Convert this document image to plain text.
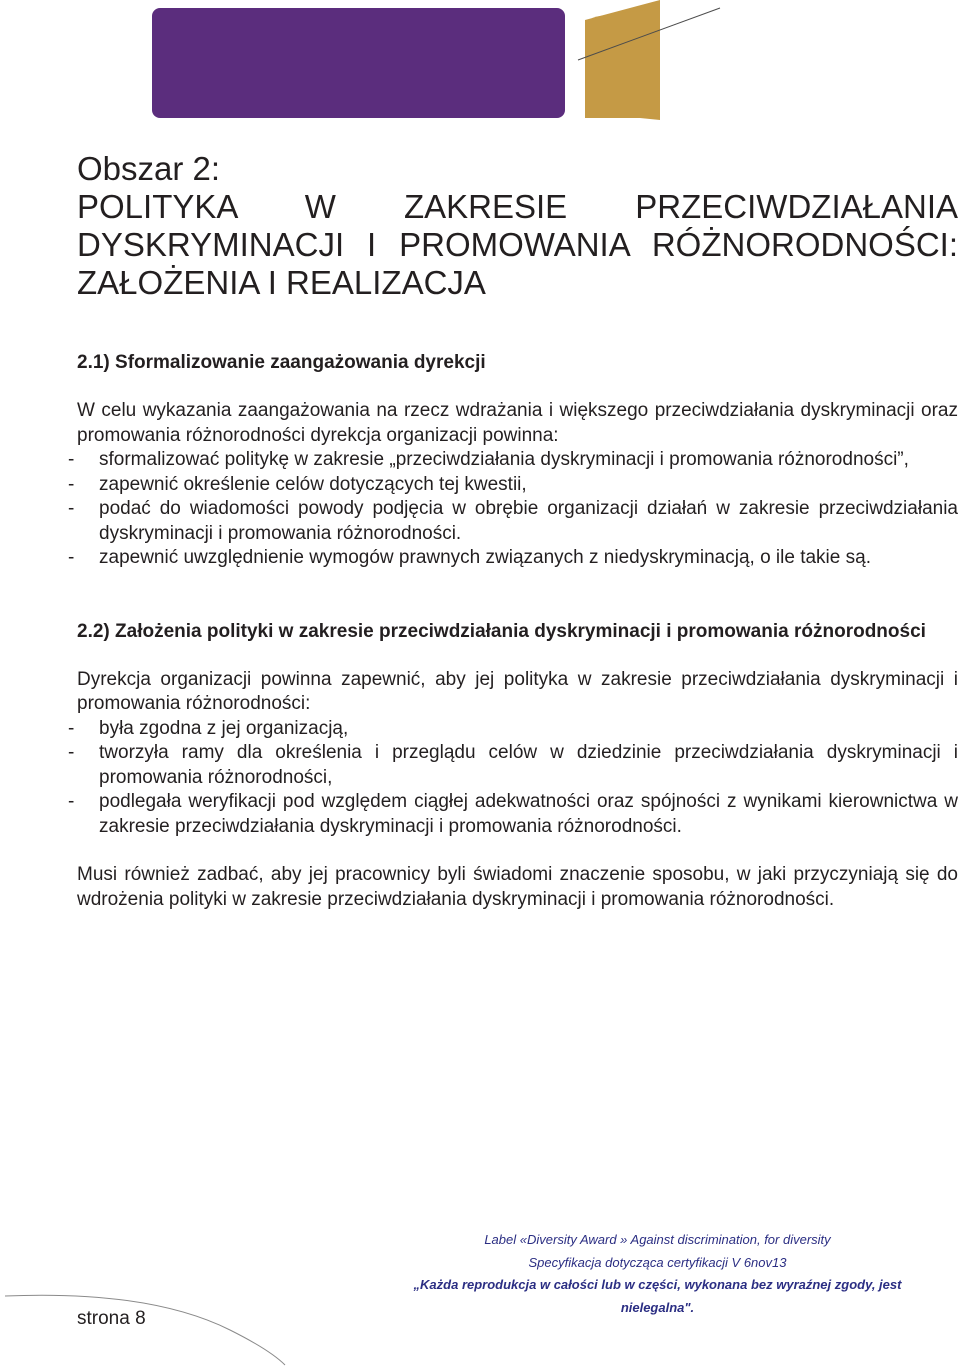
Obszar 2:
POLITYKA W ZAKRESIE PRZECIWDZIAŁANIA
DYSKRYMINACJI I PROMOWANIA RÓŻNORODNOŚCI:
ZAŁOŻENIA I REALIZACJA
2.1) Sformalizowanie zaangażowania dyrekcji

W celu wykazania zaangażowania na rzecz wdrażania i większego przeciwdziałania dyskryminacji oraz promowania różnorodności dyrekcja organizacji powinna:

- sformalizować politykę w zakresie „przeciwdziałania dyskryminacji i promowania różnorodności”,
- zapewnić określenie celów dotyczących tej kwestii,
- podać do wiadomości powody podjęcia w obrębie organizacji działań w zakresie przeciwdziałania dyskryminacji i promowania różnorodności.
- zapewnić uwzględnienie wymogów prawnych związanych z niedyskryminacją, o ile takie są.
2.2) Założenia polityki w zakresie przeciwdziałania dyskryminacji i promowania różnorodności

Dyrekcja organizacji powinna zapewnić, aby jej polityka w zakresie przeciwdziałania dyskryminacji i promowania różnorodności:

- była zgodna z jej organizacją,
- tworzyła ramy dla określenia i przeglądu celów w dziedzinie przeciwdziałania dyskryminacji i promowania różnorodności,
- podlegała weryfikacji pod względem ciągłej adekwatności oraz spójności z wynikami kierownictwa w zakresie przeciwdziałania dyskryminacji i promowania różnorodności.

Musi również zadbać, aby jej pracownicy byli świadomi znaczenie sposobu, w jaki przyczyniają się do wdrożenia polityki w zakresie przeciwdziałania dyskryminacji i promowania różnorodności.

Label «Diversity Award » Against discrimination, for diversity
Specyfikacja dotycząca certyfikacji V 6nov13
„Każda reprodukcja w całości lub w części, wykonana bez wyraźnej zgody, jest nielegalna".
strona 8
